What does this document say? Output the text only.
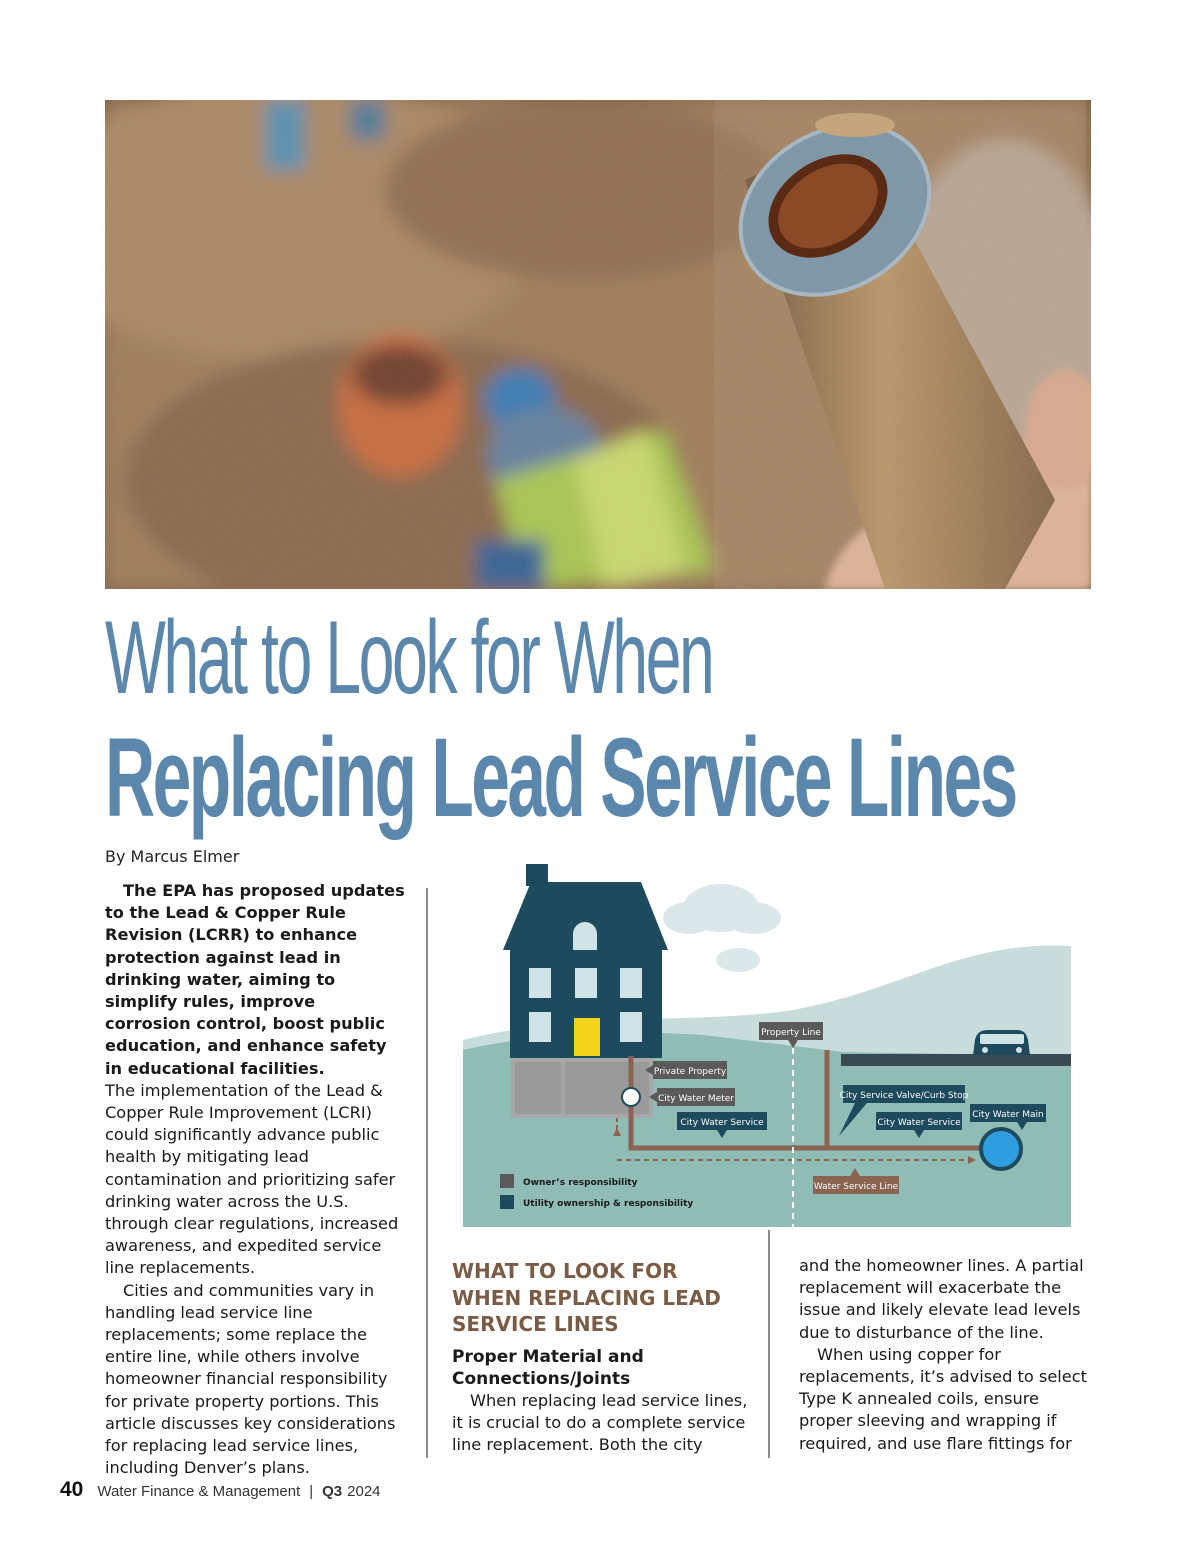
What to Look for When
Replacing Lead Service Lines
By Marcus Elmer

The EPA has proposed updates to the Lead & Copper Rule Revision (LCRR) to enhance protection against lead in drinking water, aiming to simplify rules, improve corrosion control, boost public education, and enhance safety in educational facilities.

The implementation of the Lead & Copper Rule Improvement (LCRI) could significantly advance public health by mitigating lead contamination and prioritizing safer drinking water across the U.S. through clear regulations, increased awareness, and expedited service line replacements.

Cities and communities vary in handling lead service line replacements; some replace the entire line, while others involve homeowner financial responsibility for private property portions. This article discusses key considerations for replacing lead service lines, including Denver’s plans.

Property Line
Private Property
City Water Meter
City Water Service
City Service Valve/Curb Stop
City Water Service
City Water Main
Water Service Line
Owner’s responsibility
Utility ownership & responsibility
WHAT TO LOOK FOR WHEN REPLACING LEAD SERVICE LINES
Proper Material and Connections/Joints

When replacing lead service lines, it is crucial to do a complete service line replacement. Both the city

and the homeowner lines. A partial replacement will exacerbate the issue and likely elevate lead levels due to disturbance of the line.

When using copper for replacements, it’s advised to select Type K annealed coils, ensure proper sleeving and wrapping if required, and use flare fittings for

40 Water Finance & Management | Q3 2024
